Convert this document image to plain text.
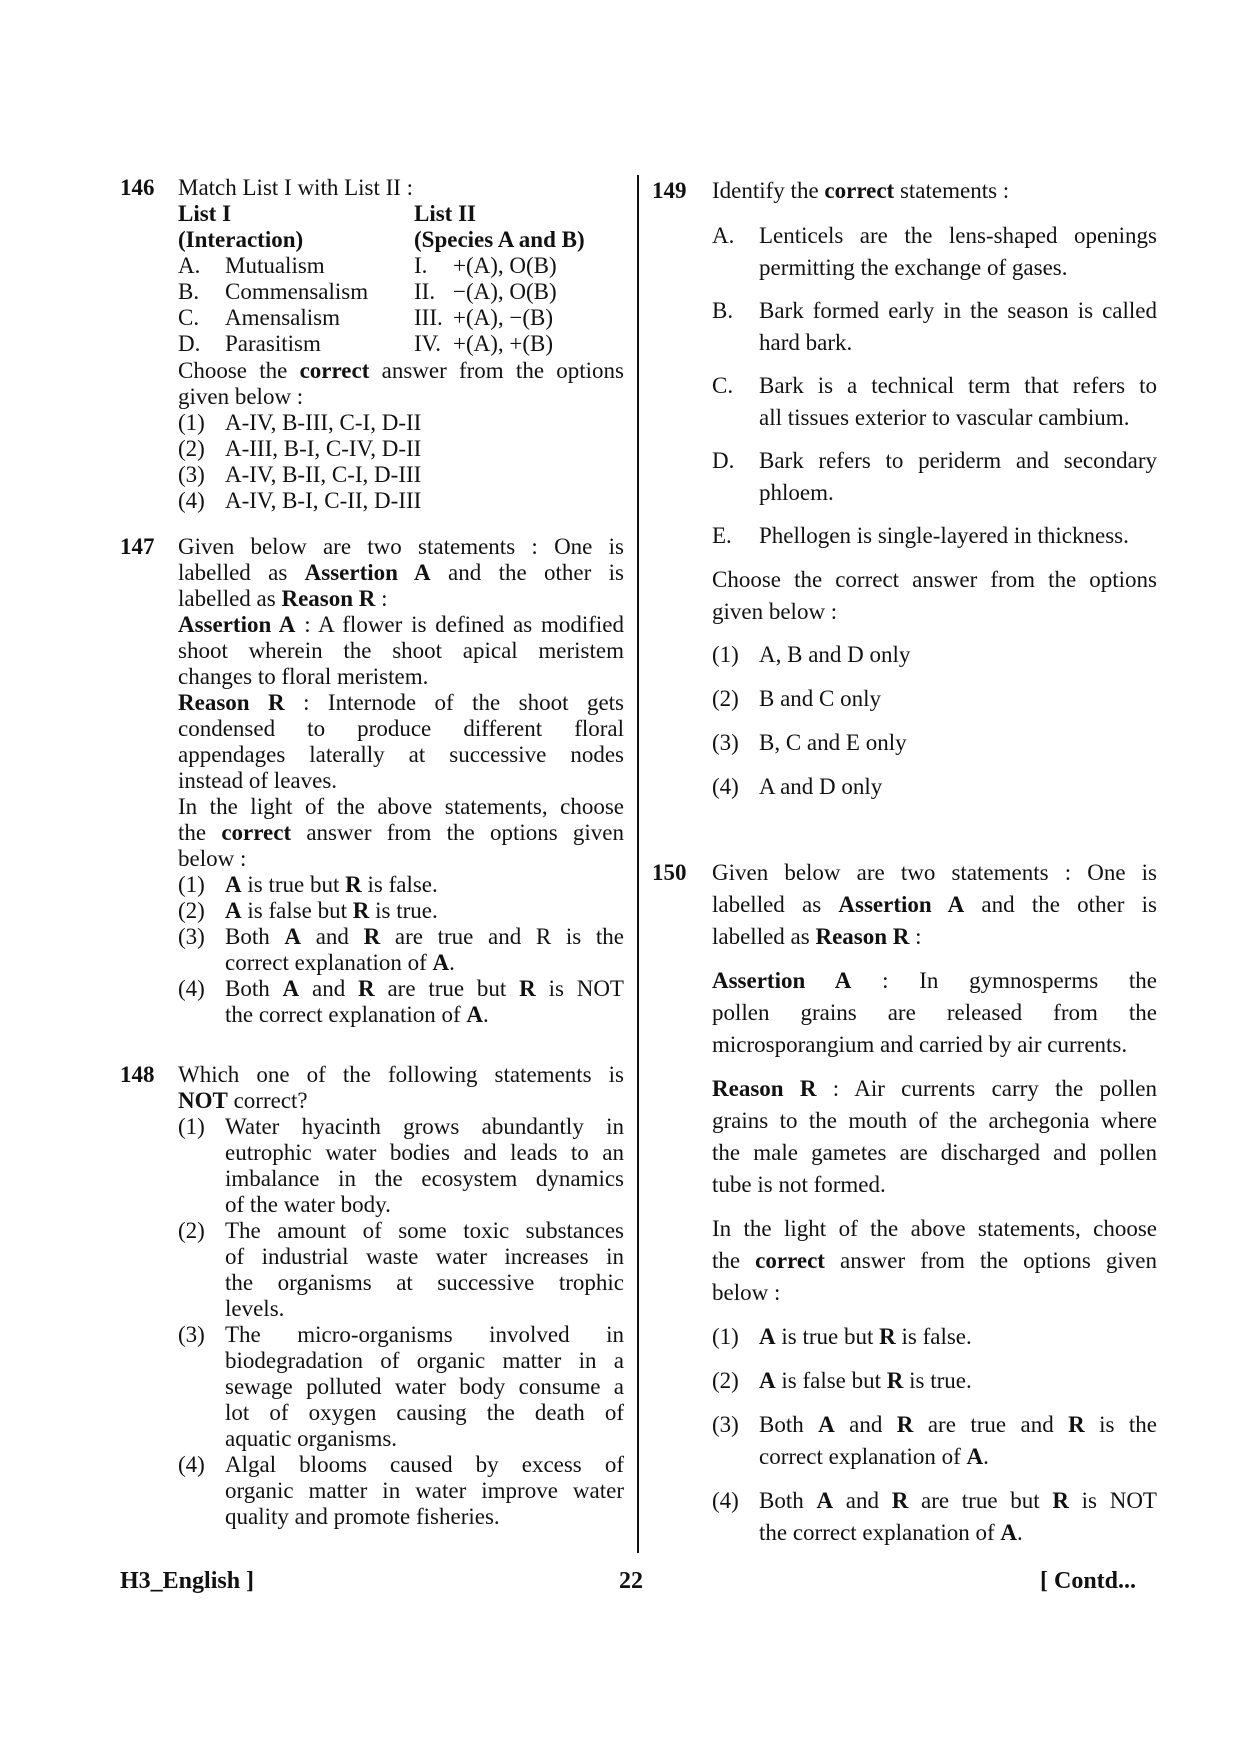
146 Match List I with List II :
List I	List II
(Interaction)	(Species A and B)
A. Mutualism	I. +(A), O(B)
B. Commensalism II. −(A), O(B)
C. Amensalism	III. +(A), −(B)
D. Parasitism	IV. +(A), +(B)
Choose the correct answer from the options
given below :
(1) A-IV, B-III, C-I, D-II
(2) A-III, B-I, C-IV, D-II
(3) A-IV, B-II, C-I, D-III
(4) A-IV, B-I, C-II, D-III
147 Given below are two statements : One is
labelled as Assertion A and the other is
labelled as Reason R :
Assertion A : A flower is defined as modified
shoot wherein the shoot apical meristem
changes to floral meristem.
Reason R : Internode of the shoot gets
condensed to produce different floral
appendages laterally at successive nodes
instead of leaves.
In the light of the above statements, choose
the correct answer from the options given
below :
(1) A is true but R is false.
(2) A is false but R is true.
(3) Both A and R are true and R is the
correct explanation of A.
(4) Both A and R are true but R is NOT
the correct explanation of A.
148 Which one of the following statements is
NOT correct?
(1) Water hyacinth grows abundantly in
eutrophic water bodies and leads to an
imbalance in the ecosystem dynamics
of the water body.
(2) The amount of some toxic substances
of industrial waste water increases in
the organisms at successive trophic
levels.
(3) The micro-organisms involved in
biodegradation of organic matter in a
sewage polluted water body consume a
lot of oxygen causing the death of
aquatic organisms.
(4) Algal blooms caused by excess of
organic matter in water improve water
quality and promote fisheries.
149 Identify the correct statements :
A. Lenticels are the lens-shaped openings
permitting the exchange of gases.
B. Bark formed early in the season is called
hard bark.
C. Bark is a technical term that refers to
all tissues exterior to vascular cambium.
D. Bark refers to periderm and secondary
phloem.
E. Phellogen is single-layered in thickness.
Choose the correct answer from the options
given below :
(1) A, B and D only
(2) B and C only
(3) B, C and E only
(4) A and D only
150 Given below are two statements : One is
labelled as Assertion A and the other is
labelled as Reason R :
Assertion A : In gymnosperms the
pollen grains are released from the
microsporangium and carried by air currents.
Reason R : Air currents carry the pollen
grains to the mouth of the archegonia where
the male gametes are discharged and pollen
tube is not formed.
In the light of the above statements, choose
the correct answer from the options given
below :
(1) A is true but R is false.
(2) A is false but R is true.
(3) Both A and R are true and R is the
correct explanation of A.
(4) Both A and R are true but R is NOT
the correct explanation of A.
H3_English ]	22	[ Contd...
